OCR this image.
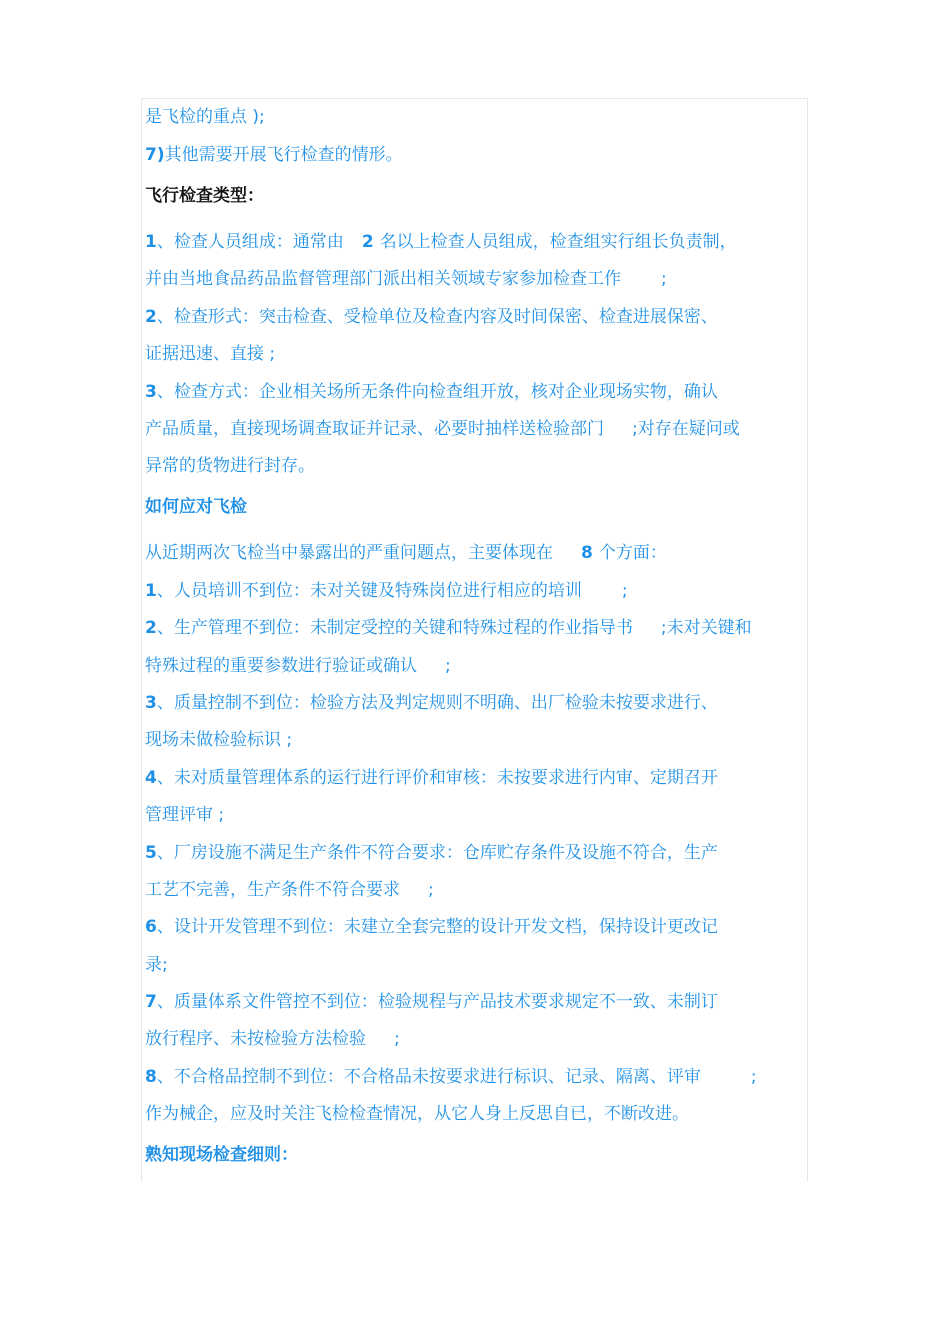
是飞检的重点 );
7)其他需要开展飞行检查的情形。
飞行检查类型：
1、检查人员组成：通常由 2 名以上检查人员组成，检查组实行组长负责制，
并由当地食品药品监督管理部门派出相关领域专家参加检查工作 ;
2、检查形式：突击检查、受检单位及检查内容及时间保密、检查进展保密、
证据迅速、直接 ;
3、检查方式：企业相关场所无条件向检查组开放，核对企业现场实物，确认
产品质量，直接现场调查取证并记录、必要时抽样送检验部门 ;对存在疑问或
异常的货物进行封存。
如何应对飞检
从近期两次飞检当中暴露出的严重问题点，主要体现在 8 个方面：
1、人员培训不到位：未对关键及特殊岗位进行相应的培训 ;
2、生产管理不到位：未制定受控的关键和特殊过程的作业指导书 ;未对关键和
特殊过程的重要参数进行验证或确认 ;
3、质量控制不到位：检验方法及判定规则不明确、出厂检验未按要求进行、
现场未做检验标识 ;
4、未对质量管理体系的运行进行评价和审核：未按要求进行内审、定期召开
管理评审 ;
5、厂房设施不满足生产条件不符合要求：仓库贮存条件及设施不符合，生产
工艺不完善，生产条件不符合要求 ;
6、设计开发管理不到位：未建立全套完整的设计开发文档，保持设计更改记
录;
7、质量体系文件管控不到位：检验规程与产品技术要求规定不一致、未制订
放行程序、未按检验方法检验 ;
8、不合格品控制不到位：不合格品未按要求进行标识、记录、隔离、评审	;
作为械企，应及时关注飞检检查情况，从它人身上反思自已，不断改进。
熟知现场检查细则：
